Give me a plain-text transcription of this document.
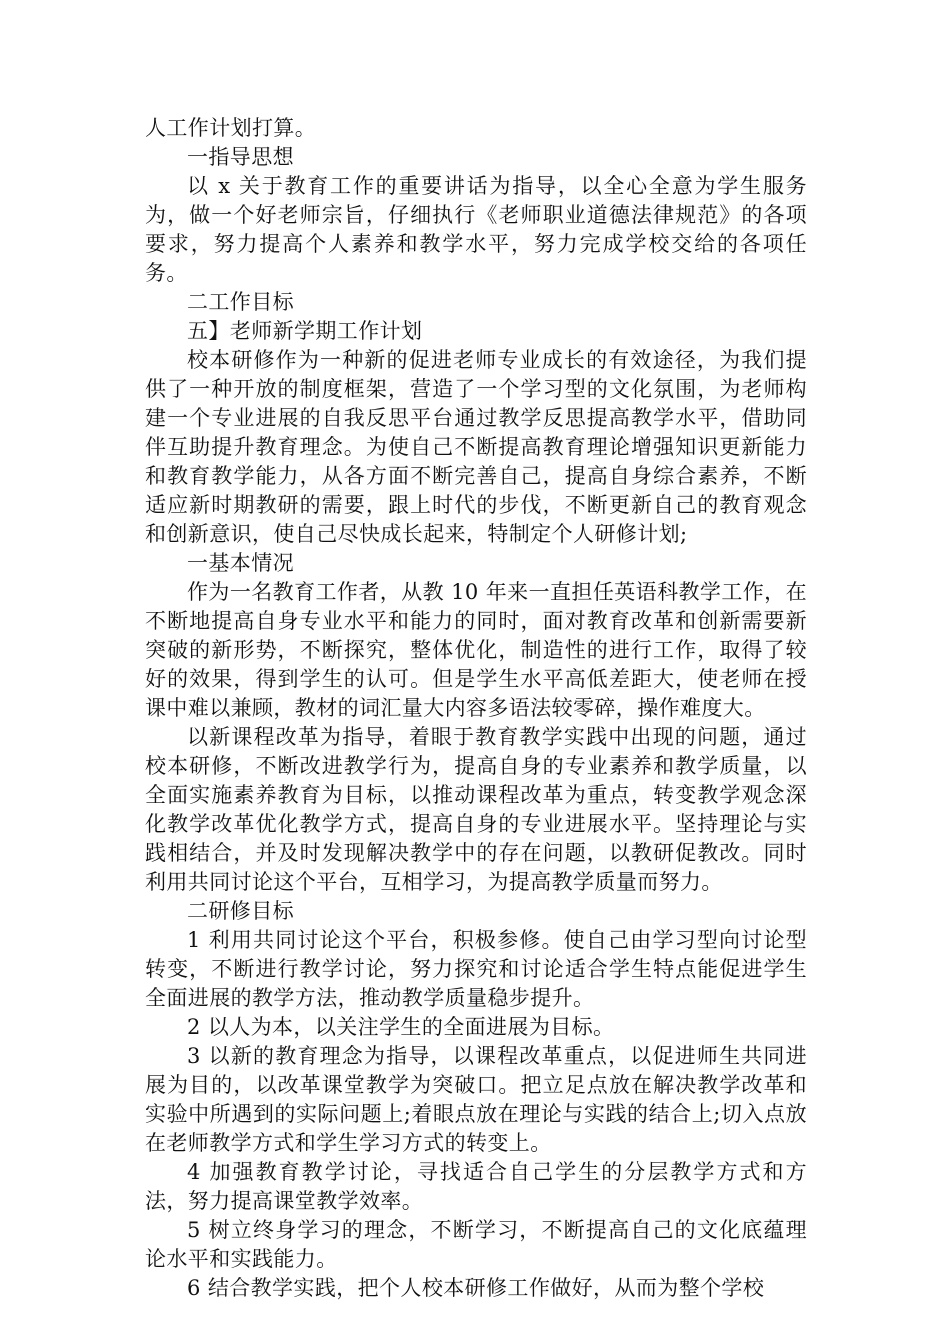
人工作计划打算。

一指导思想

以 x 关于教育工作的重要讲话为指导，以全心全意为学生服务为，做一个好老师宗旨，仔细执行《老师职业道德法律规范》的各项要求，努力提高个人素养和教学水平，努力完成学校交给的各项任务。

二工作目标

五】老师新学期工作计划

校本研修作为一种新的促进老师专业成长的有效途径，为我们提供了一种开放的制度框架，营造了一个学习型的文化氛围，为老师构建一个专业进展的自我反思平台通过教学反思提高教学水平，借助同伴互助提升教育理念。为使自己不断提高教育理论增强知识更新能力和教育教学能力，从各方面不断完善自己，提高自身综合素养，不断适应新时期教研的需要，跟上时代的步伐，不断更新自己的教育观念和创新意识，使自己尽快成长起来，特制定个人研修计划;

一基本情况

作为一名教育工作者，从教 10 年来一直担任英语科教学工作，在不断地提高自身专业水平和能力的同时，面对教育改革和创新需要新突破的新形势，不断探究，整体优化，制造性的进行工作，取得了较好的效果，得到学生的认可。但是学生水平高低差距大，使老师在授课中难以兼顾，教材的词汇量大内容多语法较零碎，操作难度大。

以新课程改革为指导，着眼于教育教学实践中出现的问题，通过校本研修，不断改进教学行为，提高自身的专业素养和教学质量，以全面实施素养教育为目标，以推动课程改革为重点，转变教学观念深化教学改革优化教学方式，提高自身的专业进展水平。坚持理论与实践相结合，并及时发现解决教学中的存在问题，以教研促教改。同时利用共同讨论这个平台，互相学习，为提高教学质量而努力。

二研修目标

1 利用共同讨论这个平台，积极参修。使自己由学习型向讨论型转变，不断进行教学讨论，努力探究和讨论适合学生特点能促进学生全面进展的教学方法，推动教学质量稳步提升。

2 以人为本，以关注学生的全面进展为目标。

3 以新的教育理念为指导，以课程改革重点，以促进师生共同进展为目的，以改革课堂教学为突破口。把立足点放在解决教学改革和实验中所遇到的实际问题上;着眼点放在理论与实践的结合上;切入点放在老师教学方式和学生学习方式的转变上。

4 加强教育教学讨论，寻找适合自己学生的分层教学方式和方法，努力提高课堂教学效率。

5 树立终身学习的理念，不断学习，不断提高自己的文化底蕴理论水平和实践能力。

6 结合教学实践，把个人校本研修工作做好，从而为整个学校
